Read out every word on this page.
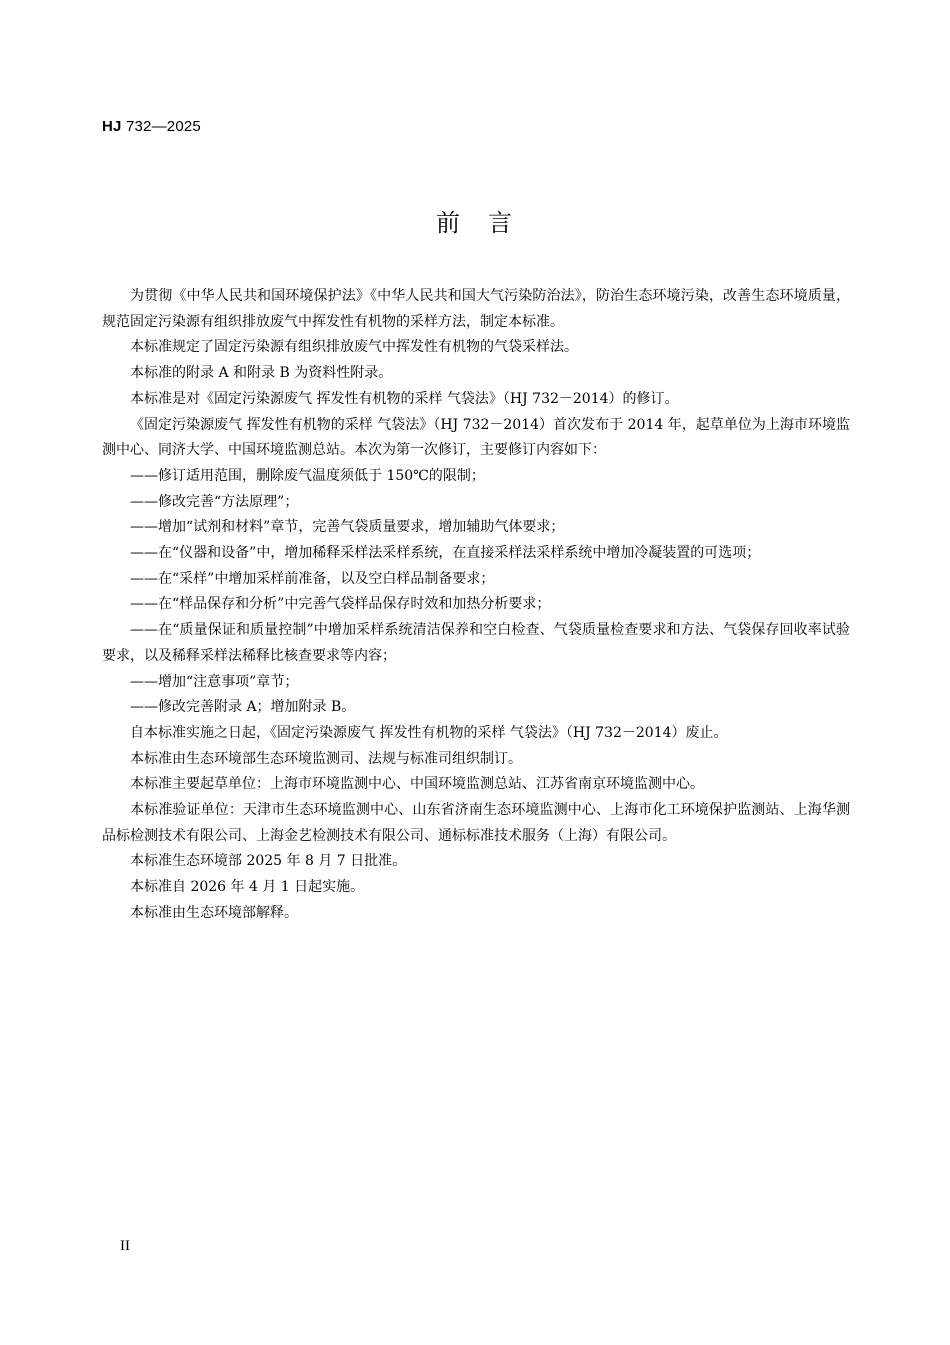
HJ 732—2025
前　言

为贯彻《中华人民共和国环境保护法》《中华人民共和国大气污染防治法》，防治生态环境污染，改善生态环境质量，规范固定污染源有组织排放废气中挥发性有机物的采样方法，制定本标准。

本标准规定了固定污染源有组织排放废气中挥发性有机物的气袋采样法。

本标准的附录 A 和附录 B 为资料性附录。

本标准是对《固定污染源废气 挥发性有机物的采样 气袋法》（HJ 732－2014）的修订。

《固定污染源废气 挥发性有机物的采样 气袋法》（HJ 732－2014）首次发布于 2014 年，起草单位为上海市环境监测中心、同济大学、中国环境监测总站。本次为第一次修订，主要修订内容如下：

——修订适用范围，删除废气温度须低于 150℃的限制；

——修改完善“方法原理”；

——增加“试剂和材料”章节，完善气袋质量要求，增加辅助气体要求；

——在“仪器和设备”中，增加稀释采样法采样系统，在直接采样法采样系统中增加冷凝装置的可选项；

——在“采样”中增加采样前准备，以及空白样品制备要求；

——在“样品保存和分析”中完善气袋样品保存时效和加热分析要求；

——在“质量保证和质量控制”中增加采样系统清洁保养和空白检查、气袋质量检查要求和方法、气袋保存回收率试验要求，以及稀释采样法稀释比核查要求等内容；

——增加“注意事项”章节；

——修改完善附录 A；增加附录 B。

自本标准实施之日起，《固定污染源废气 挥发性有机物的采样 气袋法》（HJ 732－2014）废止。

本标准由生态环境部生态环境监测司、法规与标准司组织制订。

本标准主要起草单位：上海市环境监测中心、中国环境监测总站、江苏省南京环境监测中心。

本标准验证单位：天津市生态环境监测中心、山东省济南生态环境监测中心、上海市化工环境保护监测站、上海华测品标检测技术有限公司、上海金艺检测技术有限公司、通标标准技术服务（上海）有限公司。

本标准生态环境部 2025 年 8 月 7 日批准。

本标准自 2026 年 4 月 1 日起实施。

本标准由生态环境部解释。

II
